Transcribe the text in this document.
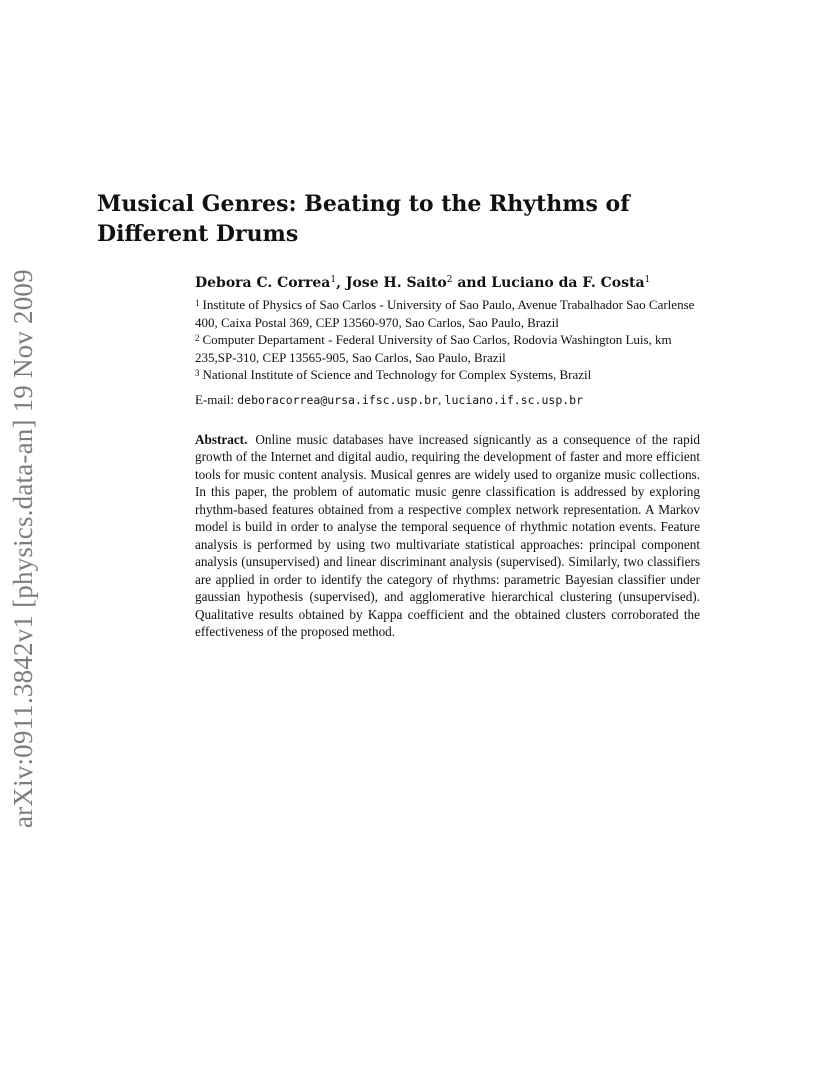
arXiv:0911.3842v1 [physics.data-an] 19 Nov 2009
Musical Genres: Beating to the Rhythms of
Different Drums
Debora C. Correa$^1$, Jose H. Saito$^2$ and Luciano da F. Costa$^1$

$^1$ Institute of Physics of Sao Carlos - University of Sao Paulo, Avenue Trabalhador Sao Carlense 400, Caixa Postal 369, CEP 13560-970, Sao Carlos, Sao Paulo, Brazil

$^2$ Computer Departament - Federal University of Sao Carlos, Rodovia Washington Luis, km 235,SP-310, CEP 13565-905, Sao Carlos, Sao Paulo, Brazil

$^3$ National Institute of Science and Technology for Complex Systems, Brazil

E-mail: deboracorrea@ursa.ifsc.usp.br, luciano.if.sc.usp.br

Abstract. Online music databases have increased signicantly as a consequence of the rapid growth of the Internet and digital audio, requiring the development of faster and more efficient tools for music content analysis. Musical genres are widely used to organize music collections. In this paper, the problem of automatic music genre classification is addressed by exploring rhythm-based features obtained from a respective complex network representation. A Markov model is build in order to analyse the temporal sequence of rhythmic notation events. Feature analysis is performed by using two multivariate statistical approaches: principal component analysis (unsupervised) and linear discriminant analysis (supervised). Similarly, two classifiers are applied in order to identify the category of rhythms: parametric Bayesian classifier under gaussian hypothesis (supervised), and agglomerative hierarchical clustering (unsupervised). Qualitative results obtained by Kappa coefficient and the obtained clusters corroborated the effectiveness of the proposed method.
